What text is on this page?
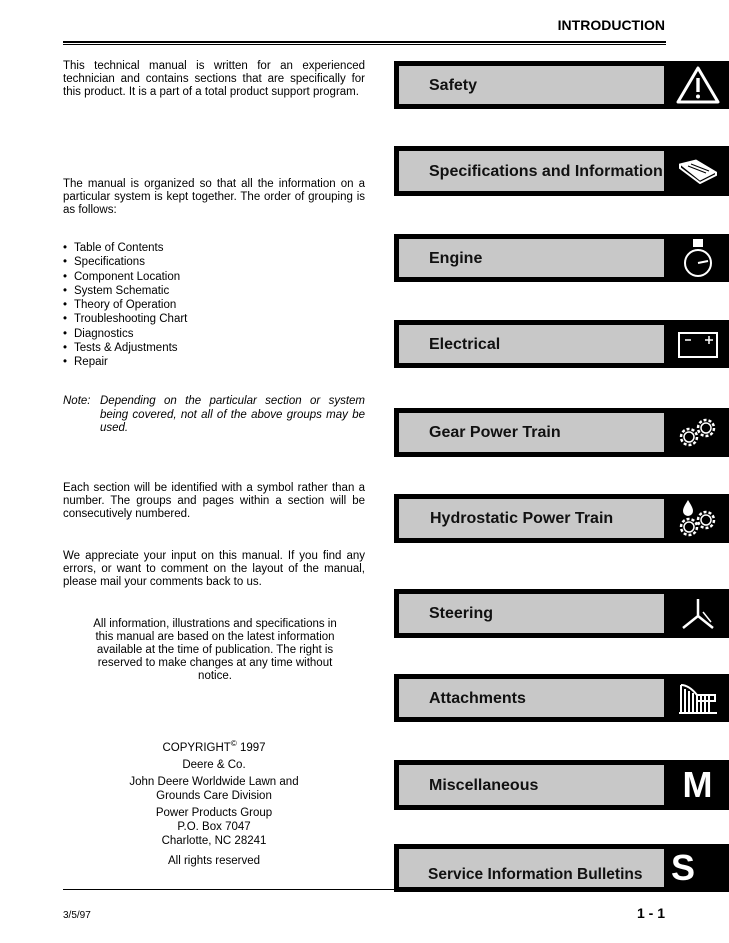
INTRODUCTION
This technical manual is written for an experienced technician and contains sections that are specifically for this product. It is a part of a total product support program.
The manual is organized so that all the information on a particular system is kept together. The order of grouping is as follows:
• Table of Contents
• Specifications
• Component Location
• System Schematic
• Theory of Operation
• Troubleshooting Chart
• Diagnostics
• Tests & Adjustments
• Repair
Note: Depending on the particular section or system being covered, not all of the above groups may be used.
Each section will be identified with a symbol rather than a number. The groups and pages within a section will be consecutively numbered.
We appreciate your input on this manual. If you find any errors, or want to comment on the layout of the manual, please mail your comments back to us.
All information, illustrations and specifications in this manual are based on the latest information available at the time of publication. The right is reserved to make changes at any time without notice.
COPYRIGHT© 1997
Deere & Co.
John Deere Worldwide Lawn and
Grounds Care Division
Power Products Group
P.O. Box 7047
Charlotte, NC 28241
All rights reserved
Safety
Specifications and Information
Engine
Electrical
Gear Power Train
Hydrostatic Power Train
Steering
Attachments
Miscellaneous	M
Service Information Bulletins S
3/5/97	1 - 1
